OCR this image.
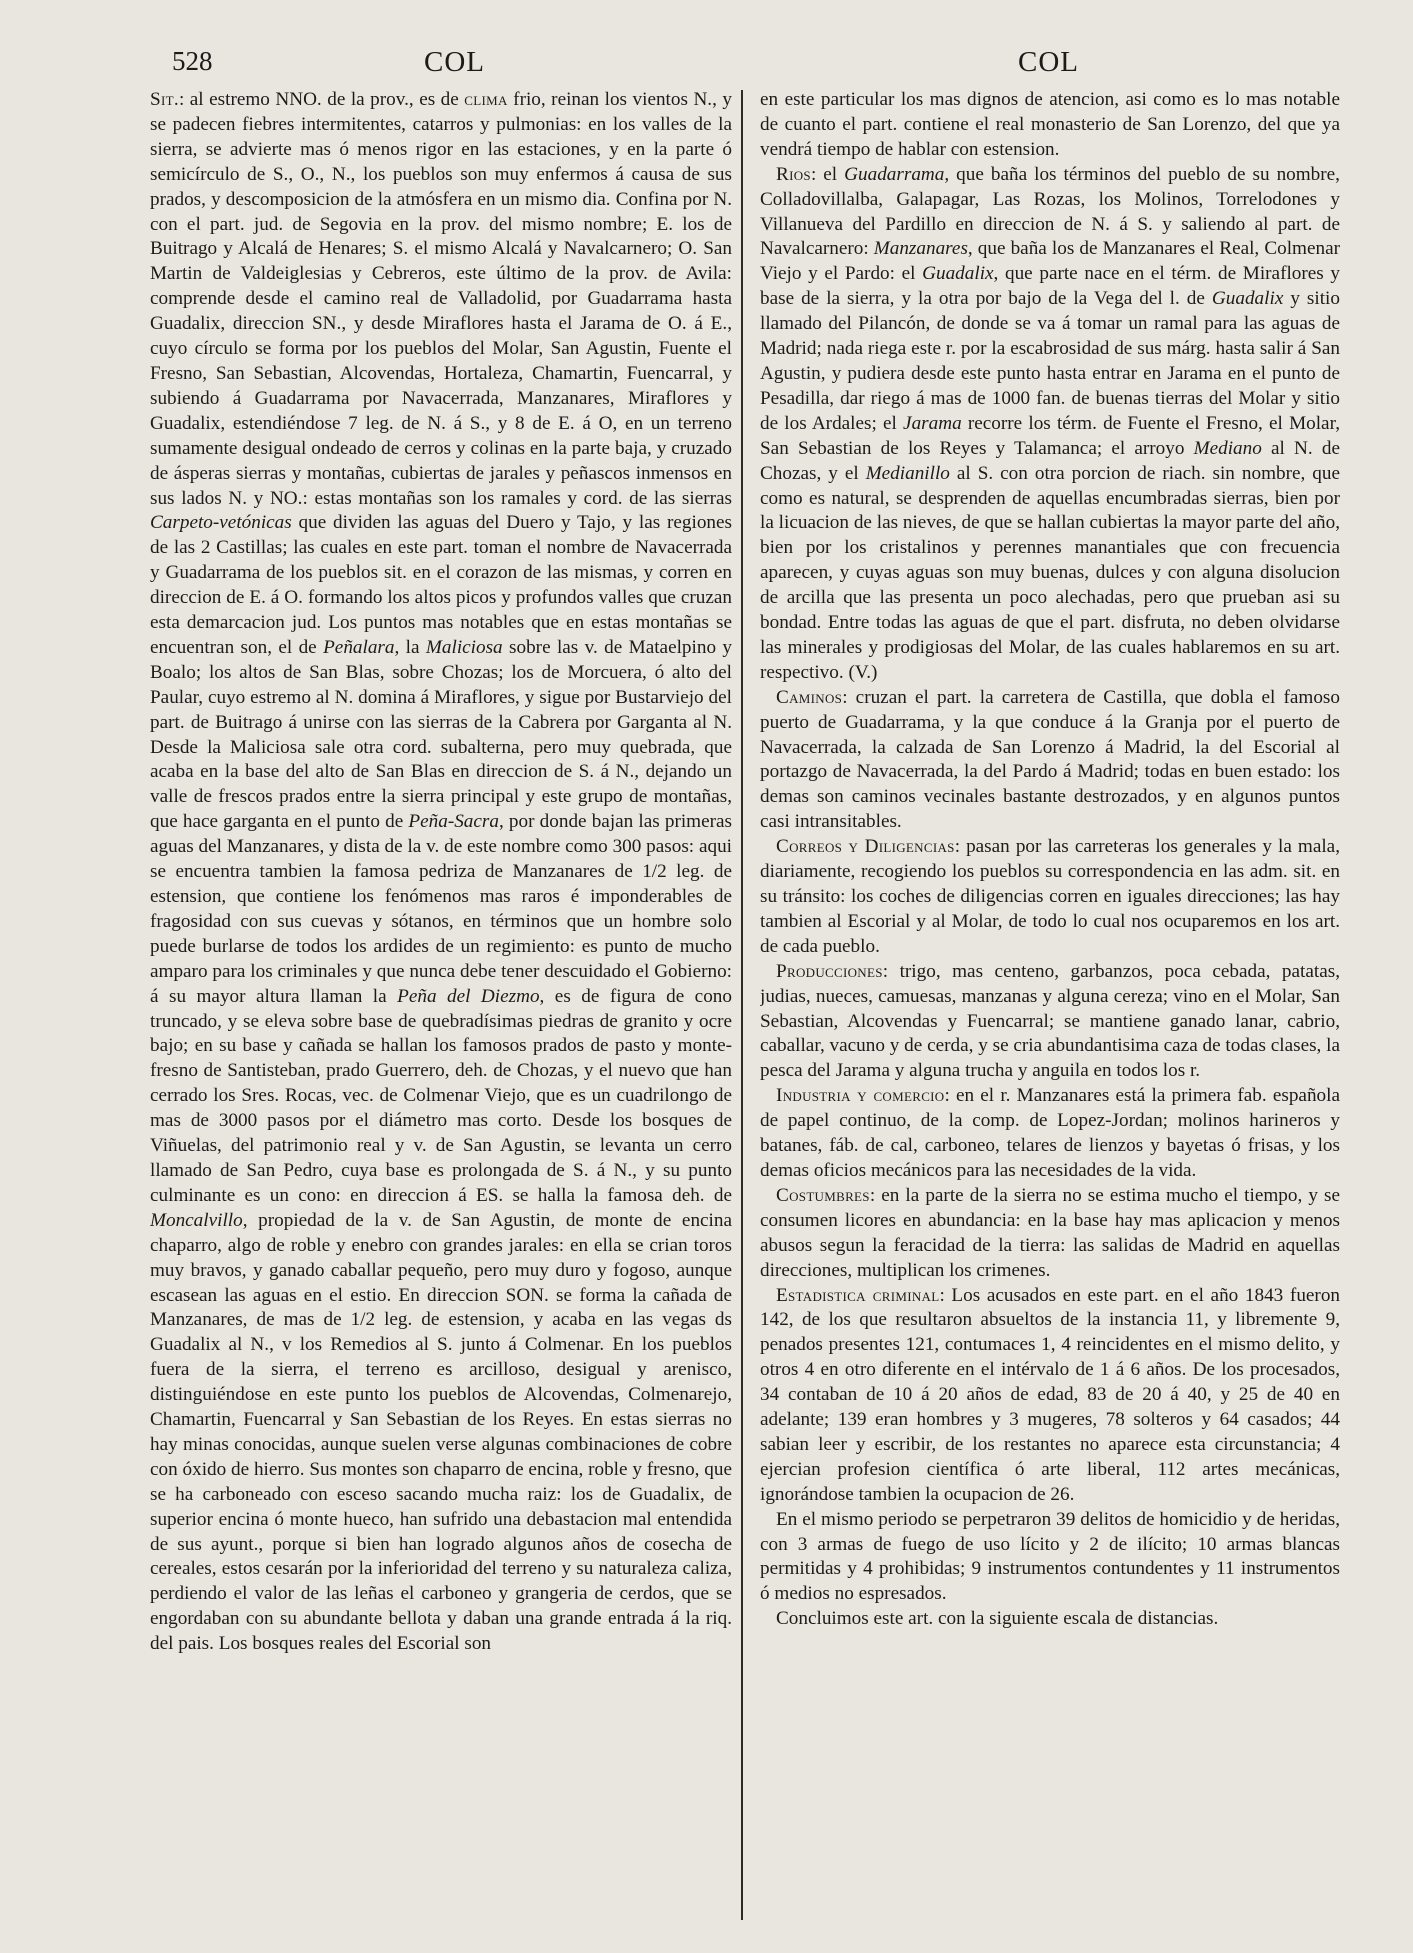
528	COL	COL

Sit.: al estremo NNO. de la prov., es de clima frio, reinan los vientos N., y se padecen fiebres intermitentes, catarros y pulmonias: en los valles de la sierra, se advierte mas ó menos rigor en las estaciones, y en la parte ó semicírculo de S., O., N., los pueblos son muy enfermos á causa de sus prados, y descomposicion de la atmósfera en un mismo dia. Confina por N. con el part. jud. de Segovia en la prov. del mismo nombre; E. los de Buitrago y Alcalá de Henares; S. el mismo Alcalá y Navalcarnero; O. San Martin de Valdeiglesias y Cebreros, este último de la prov. de Avila: comprende desde el camino real de Valladolid, por Guadarrama hasta Guadalix, direccion SN., y desde Miraflores hasta el Jarama de O. á E., cuyo círculo se forma por los pueblos del Molar, San Agustin, Fuente el Fresno, San Sebastian, Alcovendas, Hortaleza, Chamartin, Fuencarral, y subiendo á Guadarrama por Navacerrada, Manzanares, Miraflores y Guadalix, estendiéndose 7 leg. de N. á S., y 8 de E. á O, en un terreno sumamente desigual ondeado de cerros y colinas en la parte baja, y cruzado de ásperas sierras y montañas, cubiertas de jarales y peñascos inmensos en sus lados N. y NO.: estas montañas son los ramales y cord. de las sierras Carpeto-vetónicas que dividen las aguas del Duero y Tajo, y las regiones de las 2 Castillas; las cuales en este part. toman el nombre de Navacerrada y Guadarrama de los pueblos sit. en el corazon de las mismas, y corren en direccion de E. á O. formando los altos picos y profundos valles que cruzan esta demarcacion jud. Los puntos mas notables que en estas montañas se encuentran son, el de Peñalara, la Maliciosa sobre las v. de Mataelpino y Boalo; los altos de San Blas, sobre Chozas; los de Morcuera, ó alto del Paular, cuyo estremo al N. domina á Miraflores, y sigue por Bustarviejo del part. de Buitrago á unirse con las sierras de la Cabrera por Garganta al N. Desde la Maliciosa sale otra cord. subalterna, pero muy quebrada, que acaba en la base del alto de San Blas en direccion de S. á N., dejando un valle de frescos prados entre la sierra principal y este grupo de montañas, que hace garganta en el punto de Peña-Sacra, por donde bajan las primeras aguas del Manzanares, y dista de la v. de este nombre como 300 pasos: aqui se encuentra tambien la famosa pedriza de Manzanares de 1/2 leg. de estension, que contiene los fenómenos mas raros é imponderables de fragosidad con sus cuevas y sótanos, en términos que un hombre solo puede burlarse de todos los ardides de un regimiento: es punto de mucho amparo para los criminales y que nunca debe tener descuidado el Gobierno: á su mayor altura llaman la Peña del Diezmo, es de figura de cono truncado, y se eleva sobre base de quebradísimas piedras de granito y ocre bajo; en su base y cañada se hallan los famosos prados de pasto y monte-fresno de Santisteban, prado Guerrero, deh. de Chozas, y el nuevo que han cerrado los Sres. Rocas, vec. de Colmenar Viejo, que es un cuadrilongo de mas de 3000 pasos por el diámetro mas corto. Desde los bosques de Viñuelas, del patrimonio real y v. de San Agustin, se levanta un cerro llamado de San Pedro, cuya base es prolongada de S. á N., y su punto culminante es un cono: en direccion á ES. se halla la famosa deh. de Moncalvillo, propiedad de la v. de San Agustin, de monte de encina chaparro, algo de roble y enebro con grandes jarales: en ella se crian toros muy bravos, y ganado caballar pequeño, pero muy duro y fogoso, aunque escasean las aguas en el estio. En direccion SON. se forma la cañada de Manzanares, de mas de 1/2 leg. de estension, y acaba en las vegas ds Guadalix al N., v los Remedios al S. junto á Colmenar. En los pueblos fuera de la sierra, el terreno es arcilloso, desigual y arenisco, distinguiéndose en este punto los pueblos de Alcovendas, Colmenarejo, Chamartin, Fuencarral y San Sebastian de los Reyes. En estas sierras no hay minas conocidas, aunque suelen verse algunas combinaciones de cobre con óxido de hierro. Sus montes son chaparro de encina, roble y fresno, que se ha carboneado con esceso sacando mucha raiz: los de Guadalix, de superior encina ó monte hueco, han sufrido una debastacion mal entendida de sus ayunt., porque si bien han logrado algunos años de cosecha de cereales, estos cesarán por la inferioridad del terreno y su naturaleza caliza, perdiendo el valor de las leñas el carboneo y grangeria de cerdos, que se engordaban con su abundante bellota y daban una grande entrada á la riq. del pais. Los bosques reales del Escorial son

en este particular los mas dignos de atencion, asi como es lo mas notable de cuanto el part. contiene el real monasterio de San Lorenzo, del que ya vendrá tiempo de hablar con estension.

Rios: el Guadarrama, que baña los términos del pueblo de su nombre, Colladovillalba, Galapagar, Las Rozas, los Molinos, Torrelodones y Villanueva del Pardillo en direccion de N. á S. y saliendo al part. de Navalcarnero: Manzanares, que baña los de Manzanares el Real, Colmenar Viejo y el Pardo: el Guadalix, que parte nace en el térm. de Miraflores y base de la sierra, y la otra por bajo de la Vega del l. de Guadalix y sitio llamado del Pilancón, de donde se va á tomar un ramal para las aguas de Madrid; nada riega este r. por la escabrosidad de sus márg. hasta salir á San Agustin, y pudiera desde este punto hasta entrar en Jarama en el punto de Pesadilla, dar riego á mas de 1000 fan. de buenas tierras del Molar y sitio de los Ardales; el Jarama recorre los térm. de Fuente el Fresno, el Molar, San Sebastian de los Reyes y Talamanca; el arroyo Mediano al N. de Chozas, y el Medianillo al S. con otra porcion de riach. sin nombre, que como es natural, se desprenden de aquellas encumbradas sierras, bien por la licuacion de las nieves, de que se hallan cubiertas la mayor parte del año, bien por los cristalinos y perennes manantiales que con frecuencia aparecen, y cuyas aguas son muy buenas, dulces y con alguna disolucion de arcilla que las presenta un poco alechadas, pero que prueban asi su bondad. Entre todas las aguas de que el part. disfruta, no deben olvidarse las minerales y prodigiosas del Molar, de las cuales hablaremos en su art. respectivo. (V.)

Caminos: cruzan el part. la carretera de Castilla, que dobla el famoso puerto de Guadarrama, y la que conduce á la Granja por el puerto de Navacerrada, la calzada de San Lorenzo á Madrid, la del Escorial al portazgo de Navacerrada, la del Pardo á Madrid; todas en buen estado: los demas son caminos vecinales bastante destrozados, y en algunos puntos casi intransitables.

Correos y Diligencias: pasan por las carreteras los generales y la mala, diariamente, recogiendo los pueblos su correspondencia en las adm. sit. en su tránsito: los coches de diligencias corren en iguales direcciones; las hay tambien al Escorial y al Molar, de todo lo cual nos ocuparemos en los art. de cada pueblo.

Producciones: trigo, mas centeno, garbanzos, poca cebada, patatas, judias, nueces, camuesas, manzanas y alguna cereza; vino en el Molar, San Sebastian, Alcovendas y Fuencarral; se mantiene ganado lanar, cabrio, caballar, vacuno y de cerda, y se cria abundantisima caza de todas clases, la pesca del Jarama y alguna trucha y anguila en todos los r.

Industria y comercio: en el r. Manzanares está la primera fab. española de papel continuo, de la comp. de Lopez-Jordan; molinos harineros y batanes, fáb. de cal, carboneo, telares de lienzos y bayetas ó frisas, y los demas oficios mecánicos para las necesidades de la vida.

Costumbres: en la parte de la sierra no se estima mucho el tiempo, y se consumen licores en abundancia: en la base hay mas aplicacion y menos abusos segun la feracidad de la tierra: las salidas de Madrid en aquellas direcciones, multiplican los crimenes.

Estadistica criminal: Los acusados en este part. en el año 1843 fueron 142, de los que resultaron absueltos de la instancia 11, y libremente 9, penados presentes 121, contumaces 1, 4 reincidentes en el mismo delito, y otros 4 en otro diferente en el intérvalo de 1 á 6 años. De los procesados, 34 contaban de 10 á 20 años de edad, 83 de 20 á 40, y 25 de 40 en adelante; 139 eran hombres y 3 mugeres, 78 solteros y 64 casados; 44 sabian leer y escribir, de los restantes no aparece esta circunstancia; 4 ejercian profesion científica ó arte liberal, 112 artes mecánicas, ignorándose tambien la ocupacion de 26.

En el mismo periodo se perpetraron 39 delitos de homicidio y de heridas, con 3 armas de fuego de uso lícito y 2 de ilícito; 10 armas blancas permitidas y 4 prohibidas; 9 instrumentos contundentes y 11 instrumentos ó medios no espresados.

Concluimos este art. con la siguiente escala de distancias.
